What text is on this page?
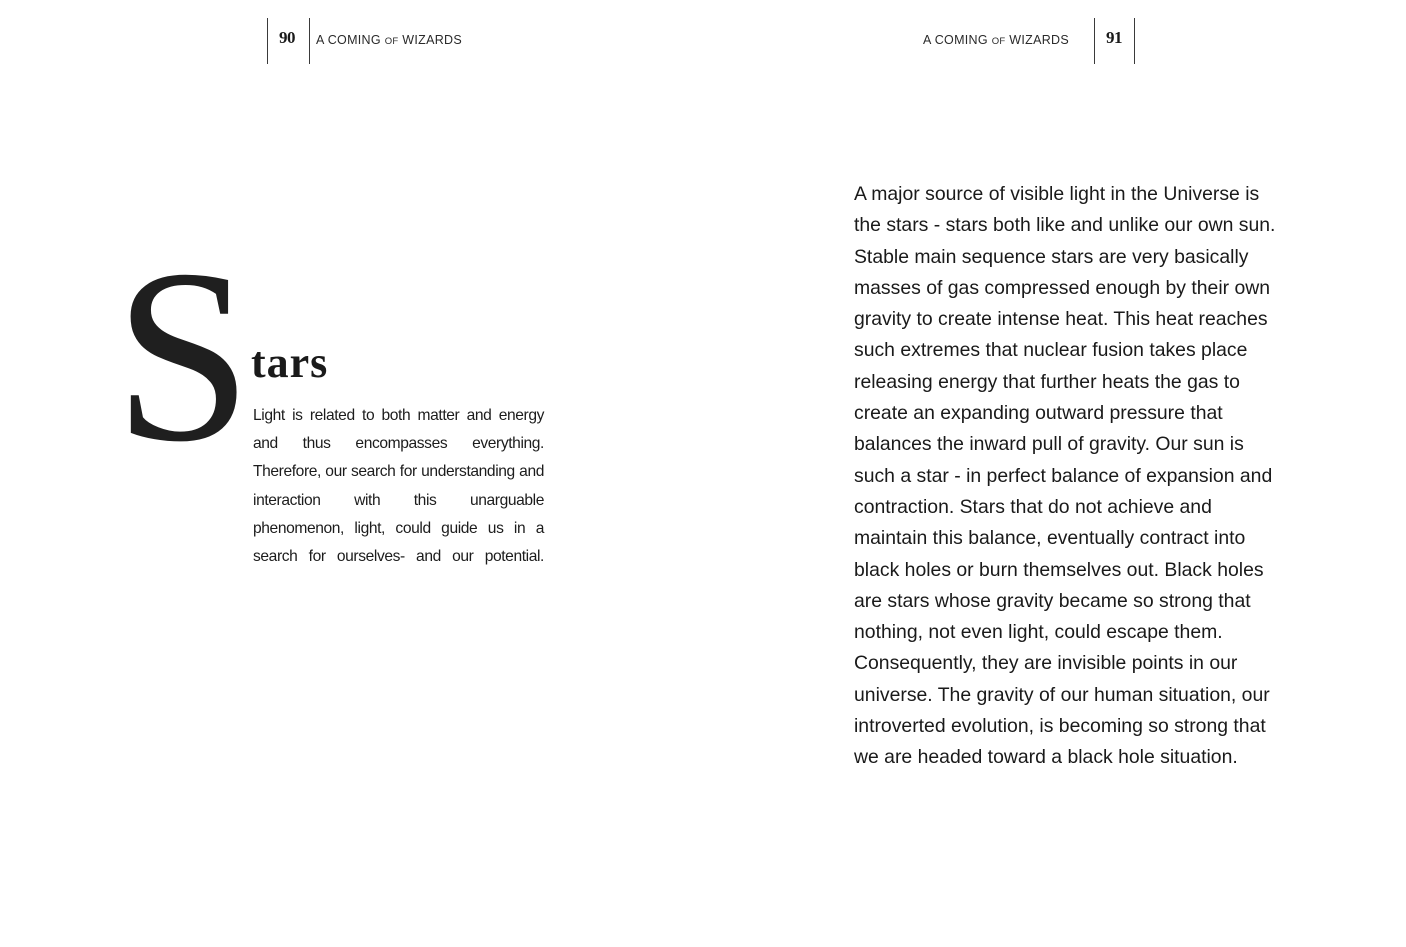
90 A COMING OF WIZARDS	A COMING OF WIZARDS 91
S tars

Light is related to both matter and energy and thus encompasses everything. Therefore, our search for understanding and interaction with this unarguable phenomenon, light, could guide us in a search for ourselves- and our potential.

A major source of visible light in the Universe is the stars - stars both like and unlike our own sun. Stable main sequence stars are very basically masses of gas compressed enough by their own gravity to create intense heat. This heat reaches such extremes that nuclear fusion takes place releasing energy that further heats the gas to create an expanding outward pressure that balances the inward pull of gravity. Our sun is such a star - in perfect balance of expansion and contraction. Stars that do not achieve and maintain this balance, eventually contract into black holes or burn themselves out. Black holes are stars whose gravity became so strong that nothing, not even light, could escape them. Consequently, they are invisible points in our universe. The gravity of our human situation, our introverted evolution, is becoming so strong that we are headed toward a black hole situation.
